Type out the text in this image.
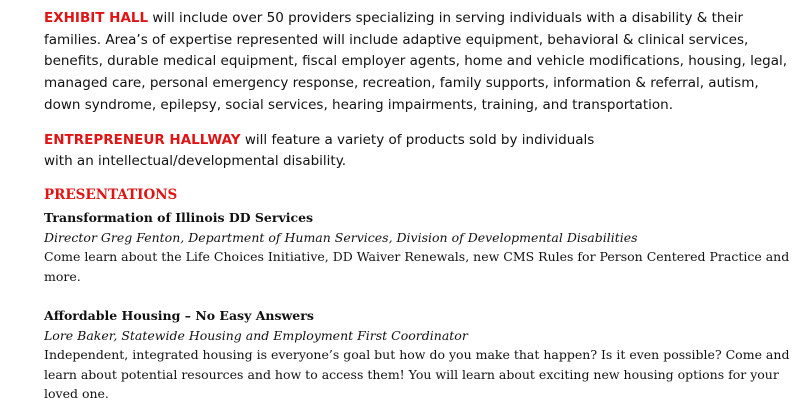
EXHIBIT HALL will include over 50 providers specializing in serving individuals with a disability & their families. Area’s of expertise represented will include adaptive equipment, behavioral & clinical services, benefits, durable medical equipment, fiscal employer agents, home and vehicle modifications, housing, legal, managed care, personal emergency response, recreation, family supports, information & referral, autism, down syndrome, epilepsy, social services, hearing impairments, training, and transportation.

ENTREPRENEUR HALLWAY will feature a variety of products sold by individuals with an intellectual/developmental disability.

PRESENTATIONS
Transformation of Illinois DD Services
Director Greg Fenton, Department of Human Services, Division of Developmental Disabilities
Come learn about the Life Choices Initiative, DD Waiver Renewals, new CMS Rules for Person Centered Practice and more.
Affordable Housing – No Easy Answers
Lore Baker, Statewide Housing and Employment First Coordinator
Independent, integrated housing is everyone’s goal but how do you make that happen? Is it even possible? Come and learn about potential resources and how to access them! You will learn about exciting new housing options for your loved one.
